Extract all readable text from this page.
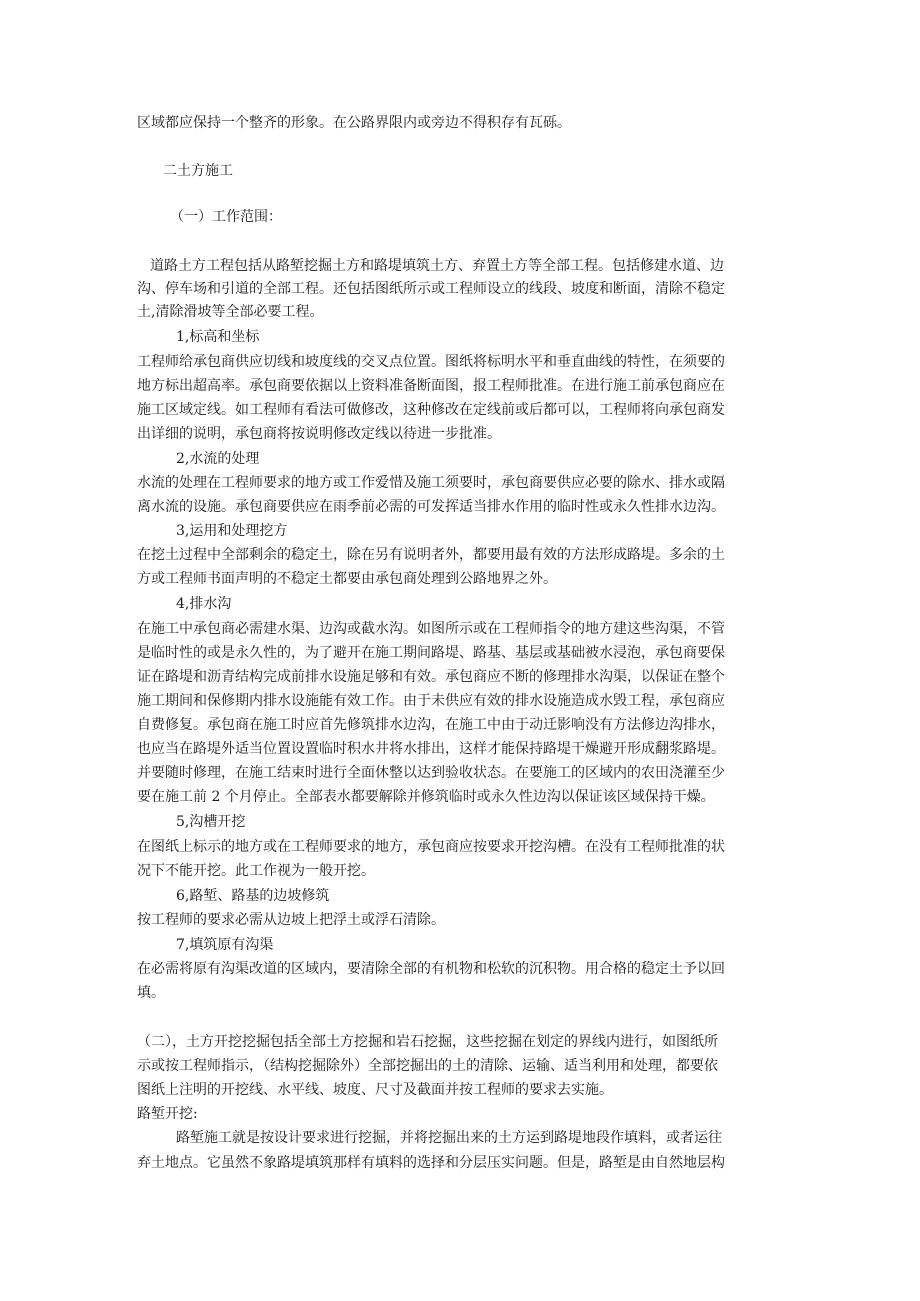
区域都应保持一个整齐的形象。在公路界限内或旁边不得积存有瓦砾。
二土方施工
（一）工作范围：
道路土方工程包括从路堑挖掘土方和路堤填筑土方、弃置土方等全部工程。包括修建水道、边
沟、停车场和引道的全部工程。还包括图纸所示或工程师设立的线段、坡度和断面，清除不稳定
土,清除滑坡等全部必要工程。
1,标高和坐标
工程师给承包商供应切线和坡度线的交叉点位置。图纸将标明水平和垂直曲线的特性，在须要的
地方标出超高率。承包商要依据以上资料准备断面图，报工程师批准。在进行施工前承包商应在
施工区域定线。如工程师有看法可做修改，这种修改在定线前或后都可以，工程师将向承包商发
出详细的说明，承包商将按说明修改定线以待进一步批准。
2,水流的处理
水流的处理在工程师要求的地方或工作爱惜及施工须要时，承包商要供应必要的除水、排水或隔
离水流的设施。承包商要供应在雨季前必需的可发挥适当排水作用的临时性或永久性排水边沟。
3,运用和处理挖方
在挖土过程中全部剩余的稳定土，除在另有说明者外，都要用最有效的方法形成路堤。多余的土
方或工程师书面声明的不稳定土都要由承包商处理到公路地界之外。
4,排水沟
在施工中承包商必需建水渠、边沟或截水沟。如图所示或在工程师指令的地方建这些沟渠，不管
是临时性的或是永久性的，为了避开在施工期间路堤、路基、基层或基础被水浸泡，承包商要保
证在路堤和沥青结构完成前排水设施足够和有效。承包商应不断的修理排水沟渠，以保证在整个
施工期间和保修期内排水设施能有效工作。由于未供应有效的排水设施造成水毁工程，承包商应
自费修复。承包商在施工时应首先修筑排水边沟，在施工中由于动迁影响没有方法修边沟排水，
也应当在路堤外适当位置设置临时积水井将水排出，这样才能保持路堤干燥避开形成翻浆路堤。
并要随时修理，在施工结束时进行全面休整以达到验收状态。在要施工的区域内的农田浇灌至少
要在施工前 2 个月停止。全部表水都要解除并修筑临时或永久性边沟以保证该区域保持干燥。
5,沟槽开挖
在图纸上标示的地方或在工程师要求的地方，承包商应按要求开挖沟槽。在没有工程师批准的状
况下不能开挖。此工作视为一般开挖。
6,路堑、路基的边坡修筑
按工程师的要求必需从边坡上把浮土或浮石清除。
7,填筑原有沟渠
在必需将原有沟渠改道的区域内，要清除全部的有机物和松软的沉积物。用合格的稳定土予以回
填。
（二），土方开挖挖掘包括全部土方挖掘和岩石挖掘，这些挖掘在划定的界线内进行，如图纸所
示或按工程师指示，（结构挖掘除外）全部挖掘出的土的清除、运输、适当利用和处理，都要依
图纸上注明的开挖线、水平线、坡度、尺寸及截面并按工程师的要求去实施。
路堑开挖:
路堑施工就是按设计要求进行挖掘，并将挖掘出来的土方运到路堤地段作填料，或者运往
弃土地点。它虽然不象路堤填筑那样有填料的选择和分层压实问题。但是，路堑是由自然地层构
